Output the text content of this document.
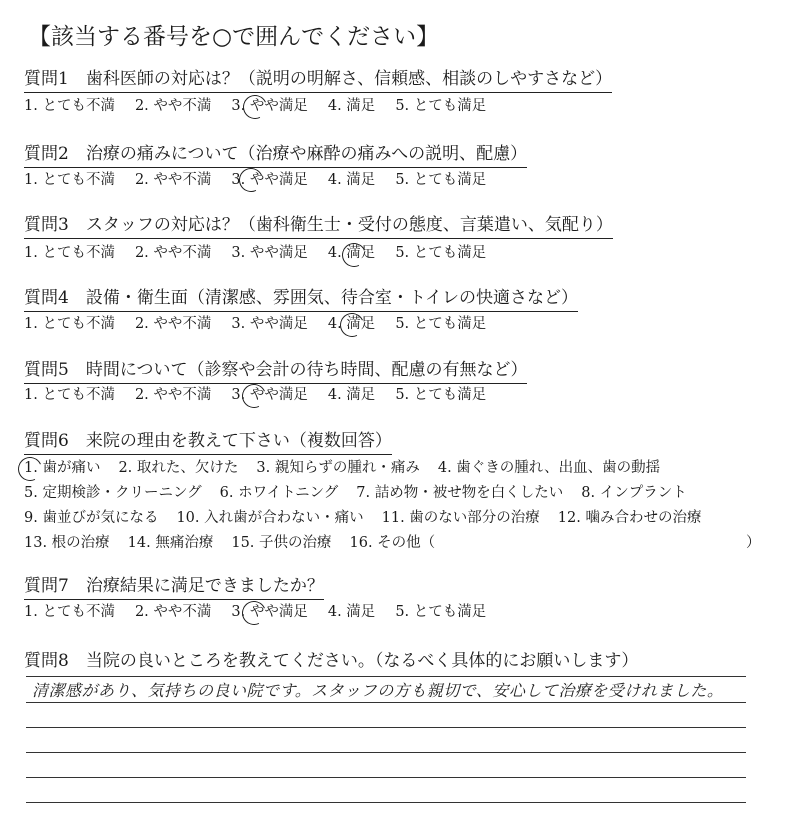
【該当する番号を○で囲んでください】
質問1　歯科医師の対応は？（説明の明解さ、信頼感、相談のしやすさなど）
1. とても不満 2. やや不満 3. やや満足 4. 満足 5. とても満足
質問2　治療の痛みについて（治療や麻酔の痛みへの説明、配慮）
1. とても不満 2. やや不満 3. やや満足 4. 満足 5. とても満足
質問3　スタッフの対応は？（歯科衛生士・受付の態度、言葉遣い、気配り）
1. とても不満 2. やや不満 3. やや満足 4. 満足 5. とても満足
質問4　設備・衛生面（清潔感、雰囲気、待合室・トイレの快適さなど）
1. とても不満 2. やや不満 3. やや満足 4. 満足 5. とても満足
質問5　時間について（診察や会計の待ち時間、配慮の有無など）
1. とても不満 2. やや不満 3. やや満足 4. 満足 5. とても満足
質問6　来院の理由を教えて下さい（複数回答）
1. 歯が痛い 2. 取れた、欠けた 3. 親知らずの腫れ・痛み 4. 歯ぐきの腫れ、出血、歯の動揺
5. 定期検診・クリーニング 6. ホワイトニング 7. 詰め物・被せ物を白くしたい 8. インプラント
9. 歯並びが気になる 10. 入れ歯が合わない・痛い 11. 歯のない部分の治療 12. 噛み合わせの治療
13. 根の治療 14. 無痛治療 15. 子供の治療 16. その他（	）
質問7　治療結果に満足できましたか？
1. とても不満 2. やや不満 3. やや満足 4. 満足 5. とても満足
質問8　当院の良いところを教えてください。（なるべく具体的にお願いします）
清潔感があり、気持ちの良い院です。スタッフの方も親切で、安心して治療を受けれました。
